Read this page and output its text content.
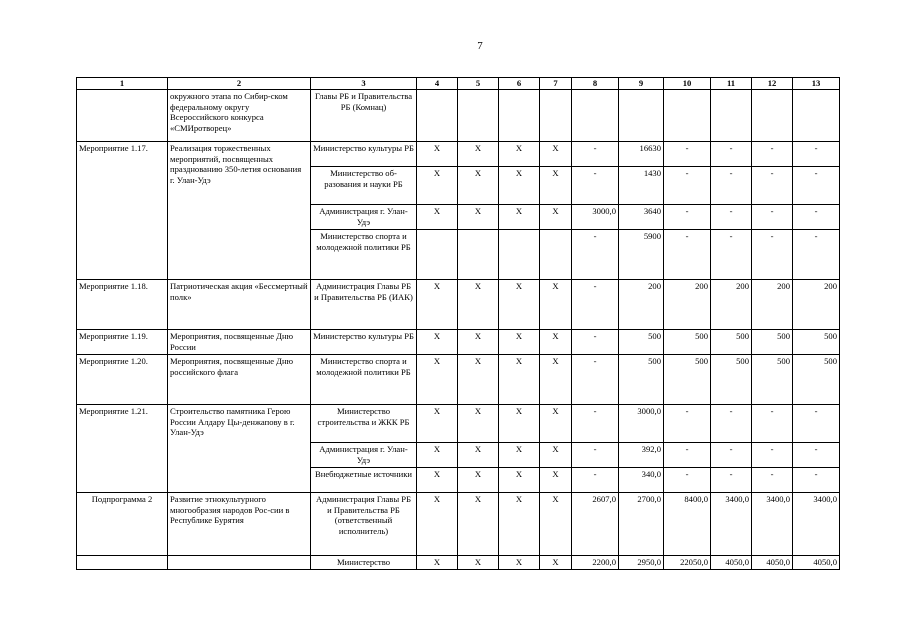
7
1	2	3	4	5	6	7	8	9	10	11	12	13
	окружного этапа по Сибир-ском федеральному округу Всероссийского конкурса «СМИротворец»	Главы РБ и Правительства РБ (Комнац)										
Мероприятие 1.17.	Реализация торжественных мероприятий, посвященных празднованию 350-летия основания г. Улан-Удэ	Министерство культуры РБ	Х	Х	Х	Х	-	16630	-	-	-	-
		Министерство об-разования и науки РБ	Х	Х	Х	Х	-	1430	-	-	-	-
		Администрация г. Улан-Удэ	Х	Х	Х	Х	3000,0	3640	-	-	-	-
		Министерство спорта и молодежной политики РБ					-	5900	-	-	-	-
Мероприятие 1.18.	Патриотическая акция «Бессмертный полк»	Администрация Главы РБ и Правительства РБ (ИАК)	Х	Х	Х	Х	-	200	200	200	200	200
Мероприятие 1.19.	Мероприятия, посвященные Дню России	Министерство культуры РБ	Х	Х	Х	Х	-	500	500	500	500	500
Мероприятие 1.20.	Мероприятия, посвященные Дню российского флага	Министерство спорта и молодежной политики РБ	Х	Х	Х	Х	-	500	500	500	500	500
Мероприятие 1.21.	Строительство памятника Герою России Алдару Цы-денжапову в г. Улан-Удэ	Министерство строительства и ЖКК РБ	Х	Х	Х	Х	-	3000,0	-	-	-	-
		Администрация г. Улан-Удэ	Х	Х	Х	Х	-	392,0	-	-	-	-
		Внебюджетные источники	Х	Х	Х	Х	-	340,0	-	-	-	-
Подпрограмма 2	Развитие этнокультурного многообразия народов Рос-сии в Республике Бурятия	Администрация Главы РБ и Правительства РБ (ответственный исполнитель)	Х	Х	Х	Х	2607,0	2700,0	8400,0	3400,0	3400,0	3400,0
		Министерство	Х	Х	Х	Х	2200,0	2950,0	22050,0	4050,0	4050,0	4050,0
